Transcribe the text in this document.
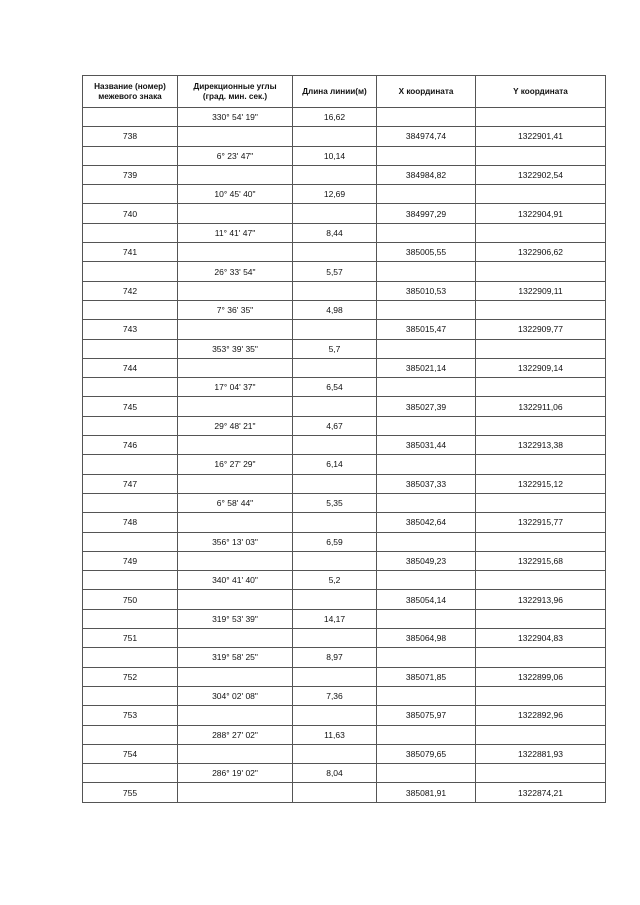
Название (номер)
межевого знака	Дирекционные углы
(град. мин. сек.)	Длина линии(м)	X координата	Y координата

	330° 54' 19"	16,62		
738			384974,74	1322901,41
	6° 23' 47"	10,14		
739			384984,82	1322902,54
	10° 45' 40"	12,69		
740			384997,29	1322904,91
	11° 41' 47"	8,44		
741			385005,55	1322906,62
	26° 33' 54"	5,57		
742			385010,53	1322909,11
	7° 36' 35"	4,98		
743			385015,47	1322909,77
	353° 39' 35"	5,7		
744			385021,14	1322909,14
	17° 04' 37"	6,54		
745			385027,39	1322911,06
	29° 48' 21"	4,67		
746			385031,44	1322913,38
	16° 27' 29"	6,14		
747			385037,33	1322915,12
	6° 58' 44"	5,35		
748			385042,64	1322915,77
	356° 13' 03"	6,59		
749			385049,23	1322915,68
	340° 41' 40"	5,2		
750			385054,14	1322913,96
	319° 53' 39"	14,17		
751			385064,98	1322904,83
	319° 58' 25"	8,97		
752			385071,85	1322899,06
	304° 02' 08"	7,36		
753			385075,97	1322892,96
	288° 27' 02"	11,63		
754			385079,65	1322881,93
	286° 19' 02"	8,04		
755			385081,91	1322874,21
